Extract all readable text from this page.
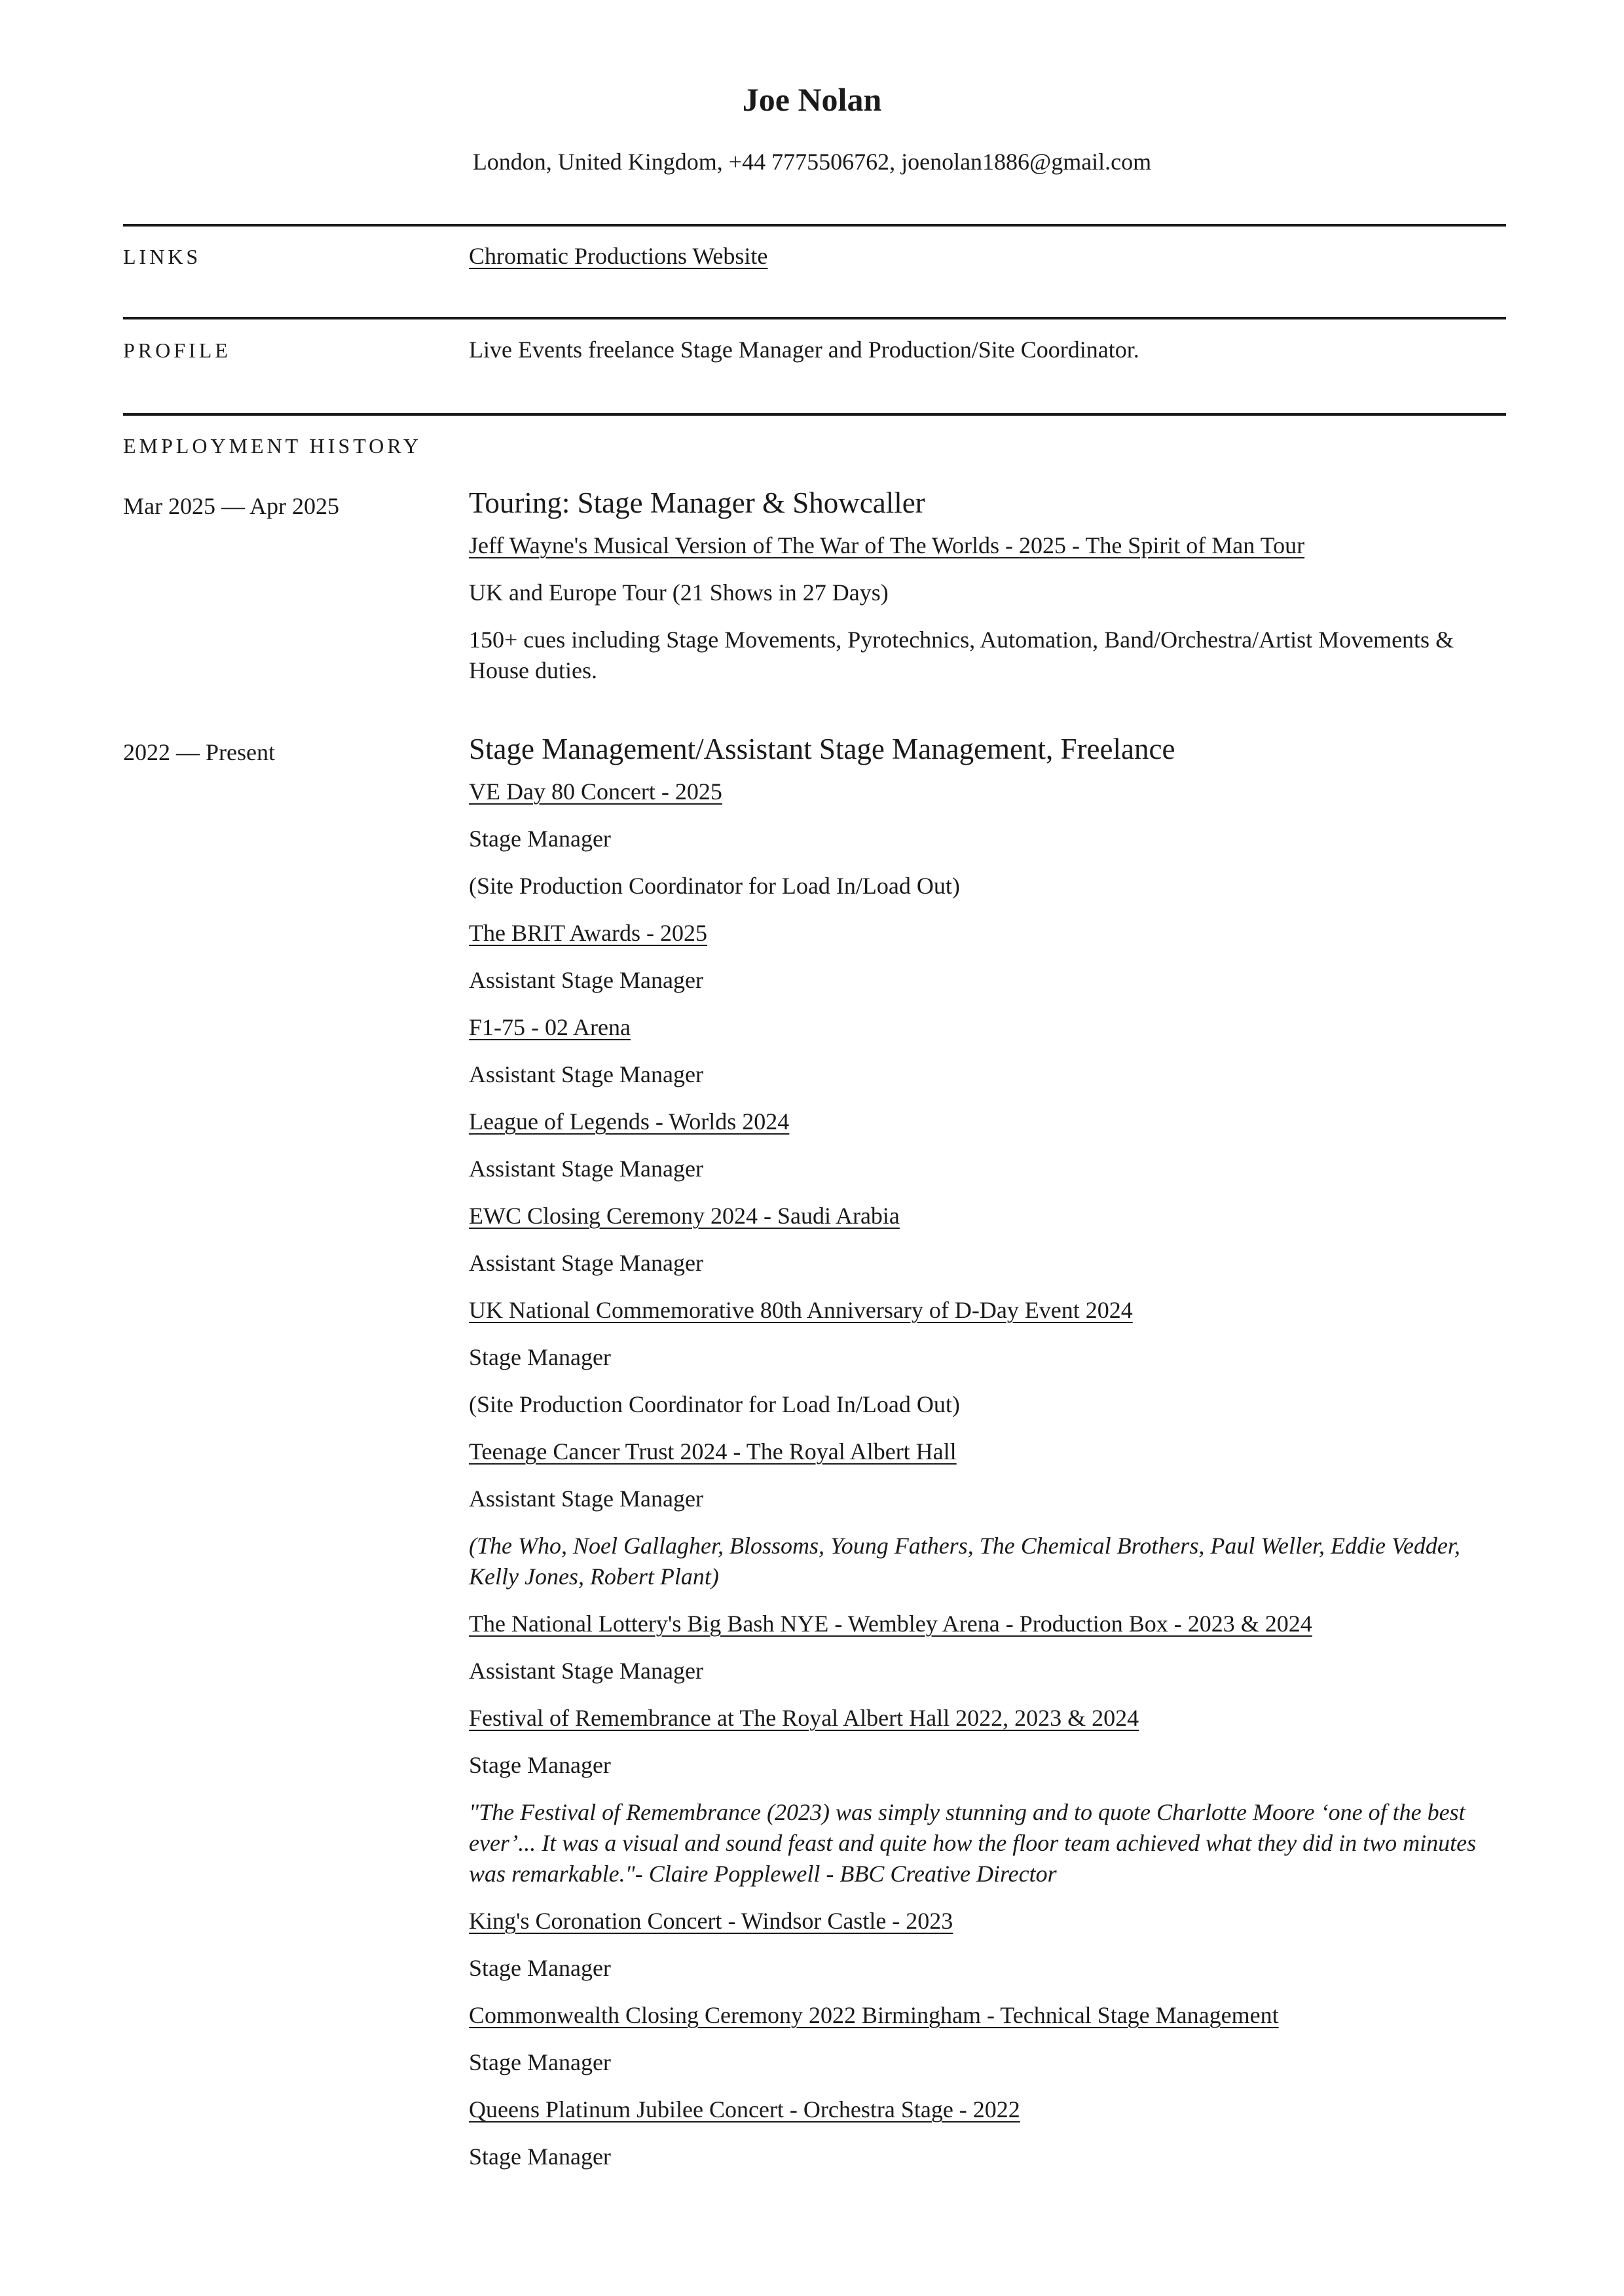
Joe Nolan
London, United Kingdom, +44 7775506762, joenolan1886@gmail.com
LINKS	Chromatic Productions Website
PROFILE	Live Events freelance Stage Manager and Production/Site Coordinator.
EMPLOYMENT HISTORY
Mar 2025 — Apr 2025	Touring: Stage Manager & Showcaller
Jeff Wayne's Musical Version of The War of The Worlds - 2025 - The Spirit of Man Tour
UK and Europe Tour (21 Shows in 27 Days)
150+ cues including Stage Movements, Pyrotechnics, Automation, Band/Orchestra/Artist Movements & House duties.
2022 — Present	Stage Management/Assistant Stage Management, Freelance
VE Day 80 Concert - 2025
Stage Manager
(Site Production Coordinator for Load In/Load Out)
The BRIT Awards - 2025
Assistant Stage Manager
F1-75 - 02 Arena
Assistant Stage Manager
League of Legends - Worlds 2024
Assistant Stage Manager
EWC Closing Ceremony 2024 - Saudi Arabia
Assistant Stage Manager
UK National Commemorative 80th Anniversary of D-Day Event 2024
Stage Manager
(Site Production Coordinator for Load In/Load Out)
Teenage Cancer Trust 2024 - The Royal Albert Hall
Assistant Stage Manager
(The Who, Noel Gallagher, Blossoms, Young Fathers, The Chemical Brothers, Paul Weller, Eddie Vedder, Kelly Jones, Robert Plant)
The National Lottery's Big Bash NYE - Wembley Arena - Production Box - 2023 & 2024
Assistant Stage Manager
Festival of Remembrance at The Royal Albert Hall 2022, 2023 & 2024
Stage Manager
"The Festival of Remembrance (2023) was simply stunning and to quote Charlotte Moore ‘one of the best ever’... It was a visual and sound feast and quite how the floor team achieved what they did in two minutes was remarkable."- Claire Popplewell - BBC Creative Director
King's Coronation Concert - Windsor Castle - 2023
Stage Manager
Commonwealth Closing Ceremony 2022 Birmingham - Technical Stage Management
Stage Manager
Queens Platinum Jubilee Concert - Orchestra Stage - 2022
Stage Manager
